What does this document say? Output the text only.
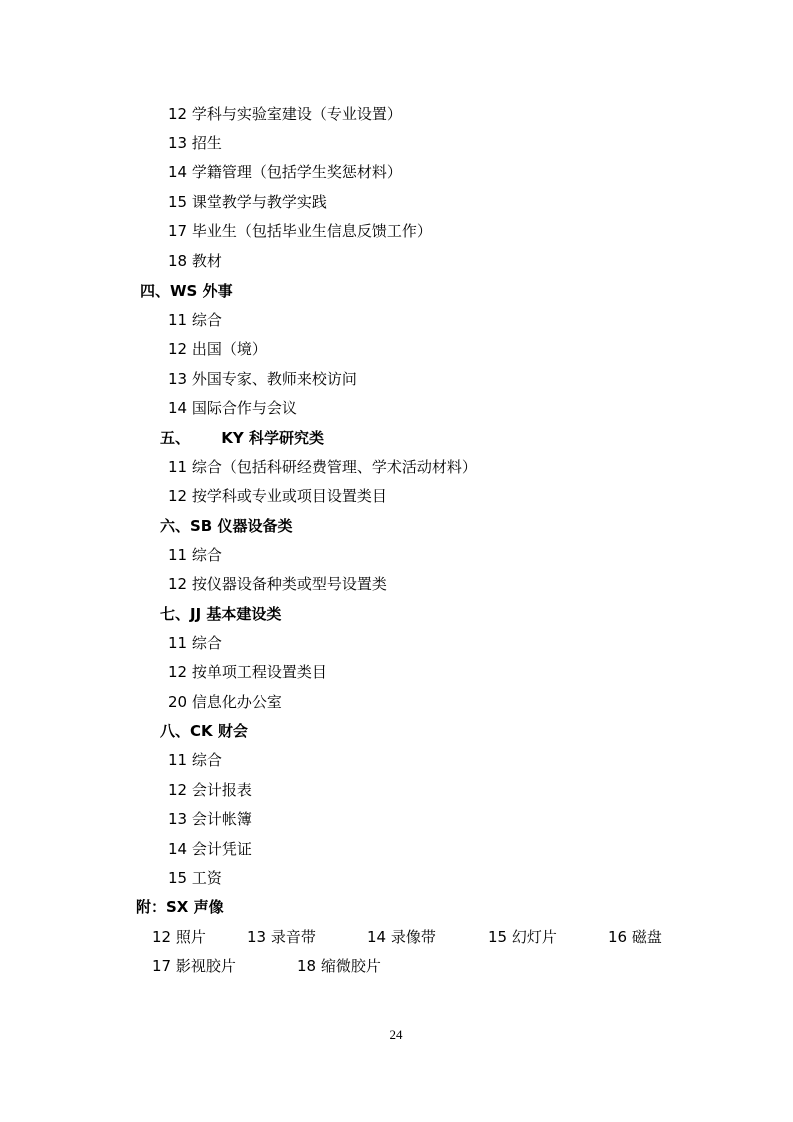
12 学科与实验室建设（专业设置）
13 招生
14 学籍管理（包括学生奖惩材料）
15 课堂教学与教学实践
17 毕业生（包括毕业生信息反馈工作）
18 教材
四、WS 外事
11 综合
12 出国（境）
13 外国专家、教师来校访问
14 国际合作与会议
五、 KY 科学研究类
11 综合（包括科研经费管理、学术活动材料）
12 按学科或专业或项目设置类目
六、SB 仪器设备类
11 综合
12 按仪器设备种类或型号设置类
七、JJ 基本建设类
11 综合
12 按单项工程设置类目
20 信息化办公室
八、CK 财会
11 综合
12 会计报表
13 会计帐簿
14 会计凭证
15 工资
附：SX 声像
12 照片	13 录音带	14 录像带	15 幻灯片	16 磁盘
17 影视胶片	18 缩微胶片
24
